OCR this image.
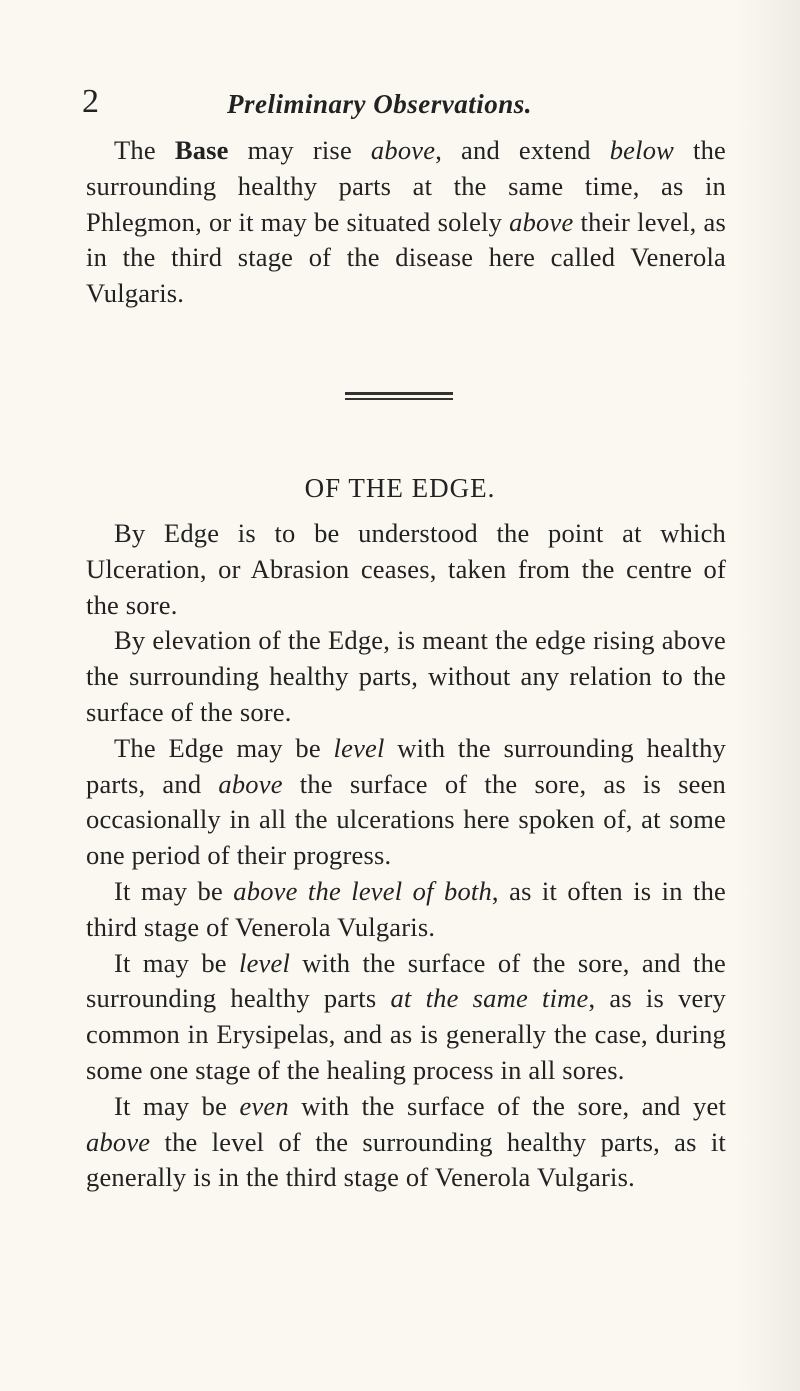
2	Preliminary Observations.

The Base may rise above, and extend below the surrounding healthy parts at the same time, as in Phlegmon, or it may be situated solely above their level, as in the third stage of the disease here called Venerola Vulgaris.

OF THE EDGE.

By Edge is to be understood the point at which Ulceration, or Abrasion ceases, taken from the centre of the sore.

By elevation of the Edge, is meant the edge rising above the surrounding healthy parts, without any relation to the surface of the sore.

The Edge may be level with the surrounding healthy parts, and above the surface of the sore, as is seen occasionally in all the ulcerations here spoken of, at some one period of their progress.

It may be above the level of both, as it often is in the third stage of Venerola Vulgaris.

It may be level with the surface of the sore, and the surrounding healthy parts at the same time, as is very common in Erysipelas, and as is generally the case, during some one stage of the healing process in all sores.

It may be even with the surface of the sore, and yet above the level of the surrounding healthy parts, as it generally is in the third stage of Venerola Vulgaris.
